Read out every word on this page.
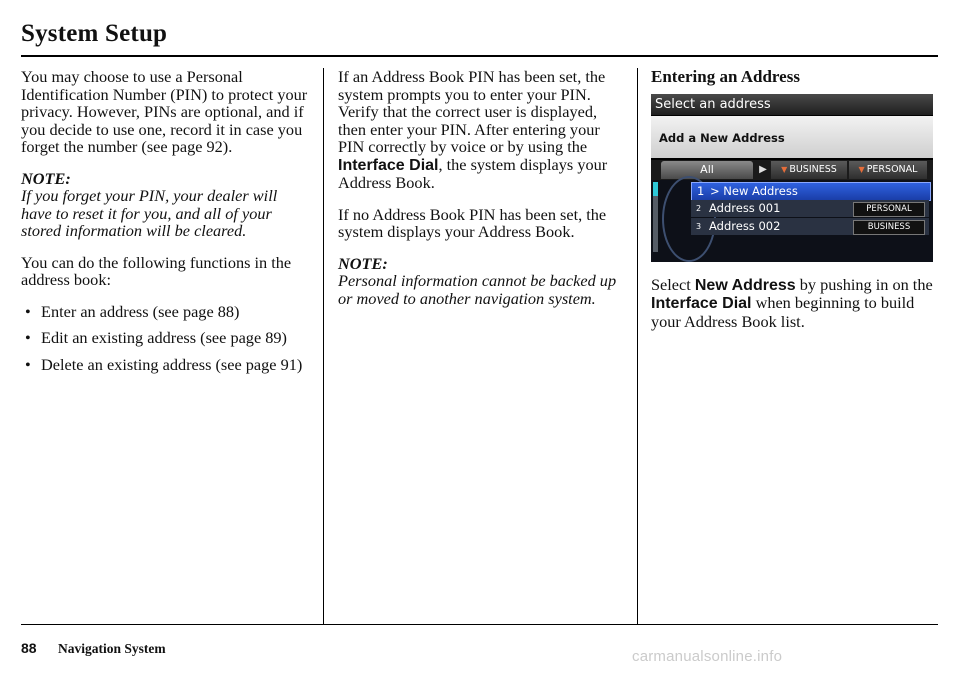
System Setup

You may choose to use a Personal Identification Number (PIN) to protect your privacy. However, PINs are optional, and if you decide to use one, record it in case you forget the number (see page 92).

NOTE:

If you forget your PIN, your dealer will have to reset it for you, and all of your stored information will be cleared.

You can do the following functions in the address book:

• Enter an address (see page 88)
• Edit an existing address (see page 89)
• Delete an existing address (see page 91)

If an Address Book PIN has been set, the system prompts you to enter your PIN. Verify that the correct user is displayed, then enter your PIN. After entering your PIN correctly by voice or by using the Interface Dial, the system displays your Address Book.

If no Address Book PIN has been set, the system displays your Address Book.

NOTE:

Personal information cannot be backed up or moved to another navigation system.

Entering an Address

Select an address
Add a New Address
All	▶	▼ BUSINESS	▼ PERSONAL
1 > New Address
2 Address 001	PERSONAL
3 Address 002	BUSINESS

Select New Address by pushing in on the Interface Dial when beginning to build your Address Book list.

88 Navigation System	carmanualsonline.info
